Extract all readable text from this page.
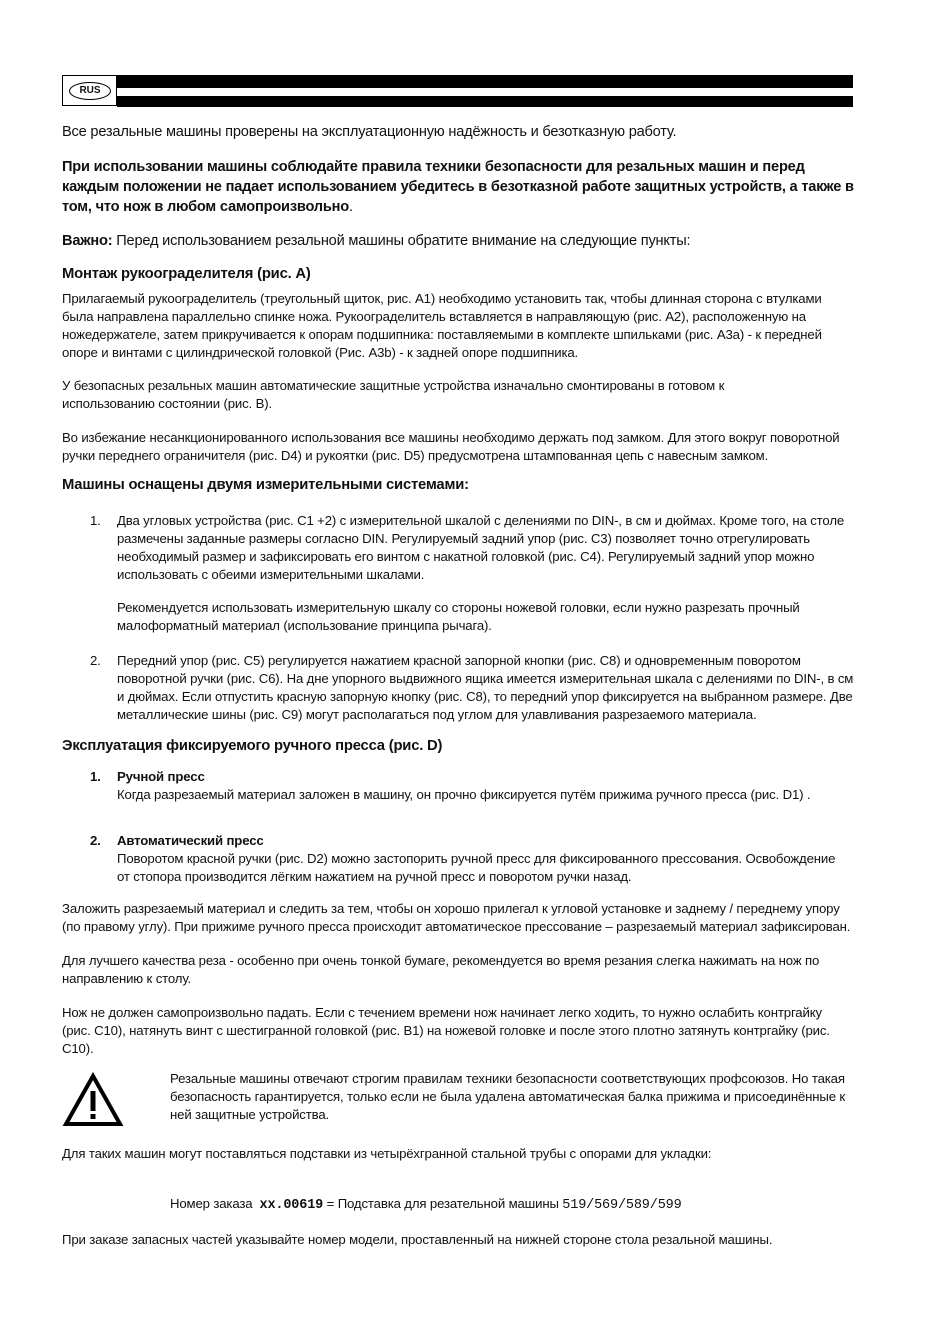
RUS
Все резальные машины проверены на эксплуатационную надёжность и безотказную работу.
При использовании машины соблюдайте правила техники безопасности для резальных машин и перед каждым положении не падает использованием убедитесь в безотказной работе защитных устройств, а также в том, что нож в любом самопроизвольно.
Важно: Перед использованием резальной машины обратите внимание на следующие пункты:
Монтаж рукоограделителя (рис. А)
Прилагаемый рукоограделитель (треугольный щиток, рис. А1) необходимо установить так, чтобы длинная сторона с втулками была направлена параллельно спинке ножа. Рукоограделитель вставляется в направляющую (рис. А2), расположенную на ножедержателе, затем прикручивается к опорам подшипника: поставляемыми в комплекте шпильками (рис. А3а) - к передней опоре и винтами с цилиндрической головкой (Рис. А3b) - к задней опоре подшипника.
У безопасных резальных машин автоматические защитные устройства изначально смонтированы в готовом к использованию состоянии (рис. В).
Во избежание несанкционированного использования все машины необходимо держать под замком. Для этого вокруг поворотной ручки переднего ограничителя (рис. D4) и рукоятки (рис. D5) предусмотрена штампованная цепь с навесным замком.
Машины оснащены двумя измерительными системами:
1.	Два угловых устройства (рис. С1 +2) с измерительной шкалой с делениями по DIN-, в см и дюймах. Кроме того, на столе размечены заданные размеры согласно DIN. Регулируемый задний упор (рис. С3) позволяет точно отрегулировать необходимый размер и зафиксировать его винтом с накатной головкой (рис. С4). Регулируемый задний упор можно использовать с обеими измерительными шкалами.
Рекомендуется использовать измерительную шкалу со стороны ножевой головки, если нужно разрезать прочный малоформатный материал (использование принципа рычага).
2.	Передний упор (рис. С5) регулируется нажатием красной запорной кнопки (рис. С8) и одновременным поворотом поворотной ручки (рис. С6). На дне упорного выдвижного ящика имеется измерительная шкала с делениями по DIN-, в см и дюймах. Если отпустить красную запорную кнопку (рис. С8), то передний упор фиксируется на выбранном размере. Две металлические шины (рис. С9) могут располагаться под углом для улавливания разрезаемого материала.
Эксплуатация фиксируемого ручного пресса (рис. D)
1.	Ручной пресс
Когда разрезаемый материал заложен в машину, он прочно фиксируется путём прижима ручного пресса (рис. D1) .
2.	Автоматический пресс
Поворотом красной ручки (рис. D2) можно застопорить ручной пресс для фиксированного прессования. Освобождение от стопора производится лёгким нажатием на ручной пресс и поворотом ручки назад.
Заложить разрезаемый материал и следить за тем, чтобы он хорошо прилегал к угловой установке и заднему / переднему упору (по правому углу). При прижиме ручного пресса происходит автоматическое прессование – разрезаемый материал зафиксирован.
Для лучшего качества реза - особенно при очень тонкой бумаге, рекомендуется во время резания слегка нажимать на нож по направлению к столу.
Нож не должен самопроизвольно падать. Если с течением времени нож начинает легко ходить, то нужно ослабить контргайку (рис. С10), натянуть винт с шестигранной головкой (рис. В1) на ножевой головке и после этого плотно затянуть контргайку (рис. С10).
Резальные машины отвечают строгим правилам техники безопасности соответствующих профсоюзов. Но такая безопасность гарантируется, только если не была удалена автоматическая балка прижима и присоединённые к ней защитные устройства.
Для таких машин могут поставляться подставки из четырёхгранной стальной трубы с опорами для укладки:
Номер заказа xx.00619 = Подставка для резательной машины 519/569/589/599
При заказе запасных частей указывайте номер модели, проставленный на нижней стороне стола резальной машины.
